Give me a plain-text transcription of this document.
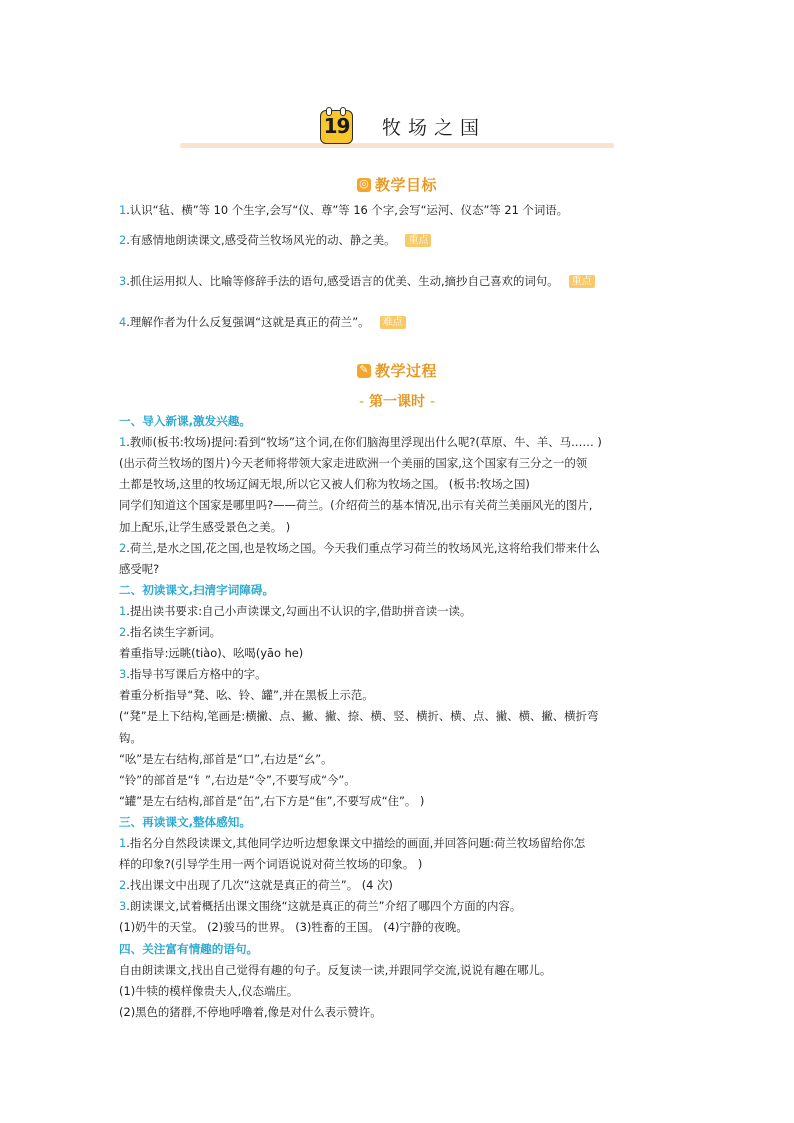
19 牧场之国
◎ 教学目标
1.认识“毡、横”等 10 个生字,会写“仪、尊”等 16 个字,会写“运河、仪态”等 21 个词语。
2.有感情地朗读课文,感受荷兰牧场风光的动、静之美。 重点
3.抓住运用拟人、比喻等修辞手法的语句,感受语言的优美、生动,摘抄自己喜欢的词句。 重点
4.理解作者为什么反复强调“这就是真正的荷兰”。 难点
✎ 教学过程
- 第一课时 -
一、导入新课,激发兴趣。
1.教师(板书:牧场)提问:看到“牧场”这个词,在你们脑海里浮现出什么呢?(草原、牛、羊、马…… )
(出示荷兰牧场的图片)今天老师将带领大家走进欧洲一个美丽的国家,这个国家有三分之一的领
土都是牧场,这里的牧场辽阔无垠,所以它又被人们称为牧场之国。 (板书:牧场之国)
同学们知道这个国家是哪里吗?——荷兰。(介绍荷兰的基本情况,出示有关荷兰美丽风光的图片,
加上配乐,让学生感受景色之美。 )
2.荷兰,是水之国,花之国,也是牧场之国。今天我们重点学习荷兰的牧场风光,这将给我们带来什么
感受呢?
二、初读课文,扫清字词障碍。
1.提出读书要求:自己小声读课文,勾画出不认识的字,借助拼音读一读。
2.指名读生字新词。
着重指导:远眺(tiào)、吆喝(yāo he)
3.指导书写课后方格中的字。
着重分析指导“凳、吆、铃、罐”,并在黑板上示范。
(“凳”是上下结构,笔画是:横撇、点、撇、撇、捺、横、竖、横折、横、点、撇、横、撇、横折弯
钩。
“吆”是左右结构,部首是“口”,右边是“幺”。
“铃”的部首是“钅”,右边是“令”,不要写成“今”。
“罐”是左右结构,部首是“缶”,右下方是“隹”,不要写成“住”。 )
三、再读课文,整体感知。
1.指名分自然段读课文,其他同学边听边想象课文中描绘的画面,并回答问题:荷兰牧场留给你怎
样的印象?(引导学生用一两个词语说说对荷兰牧场的印象。 )
2.找出课文中出现了几次“这就是真正的荷兰”。 (4 次)
3.朗读课文,试着概括出课文围绕“这就是真正的荷兰”介绍了哪四个方面的内容。
(1)奶牛的天堂。 (2)骏马的世界。 (3)牲畜的王国。 (4)宁静的夜晚。
四、关注富有情趣的语句。
自由朗读课文,找出自己觉得有趣的句子。反复读一读,并跟同学交流,说说有趣在哪儿。
(1)牛犊的模样像贵夫人,仪态端庄。
(2)黑色的猪群,不停地呼噜着,像是对什么表示赞许。
